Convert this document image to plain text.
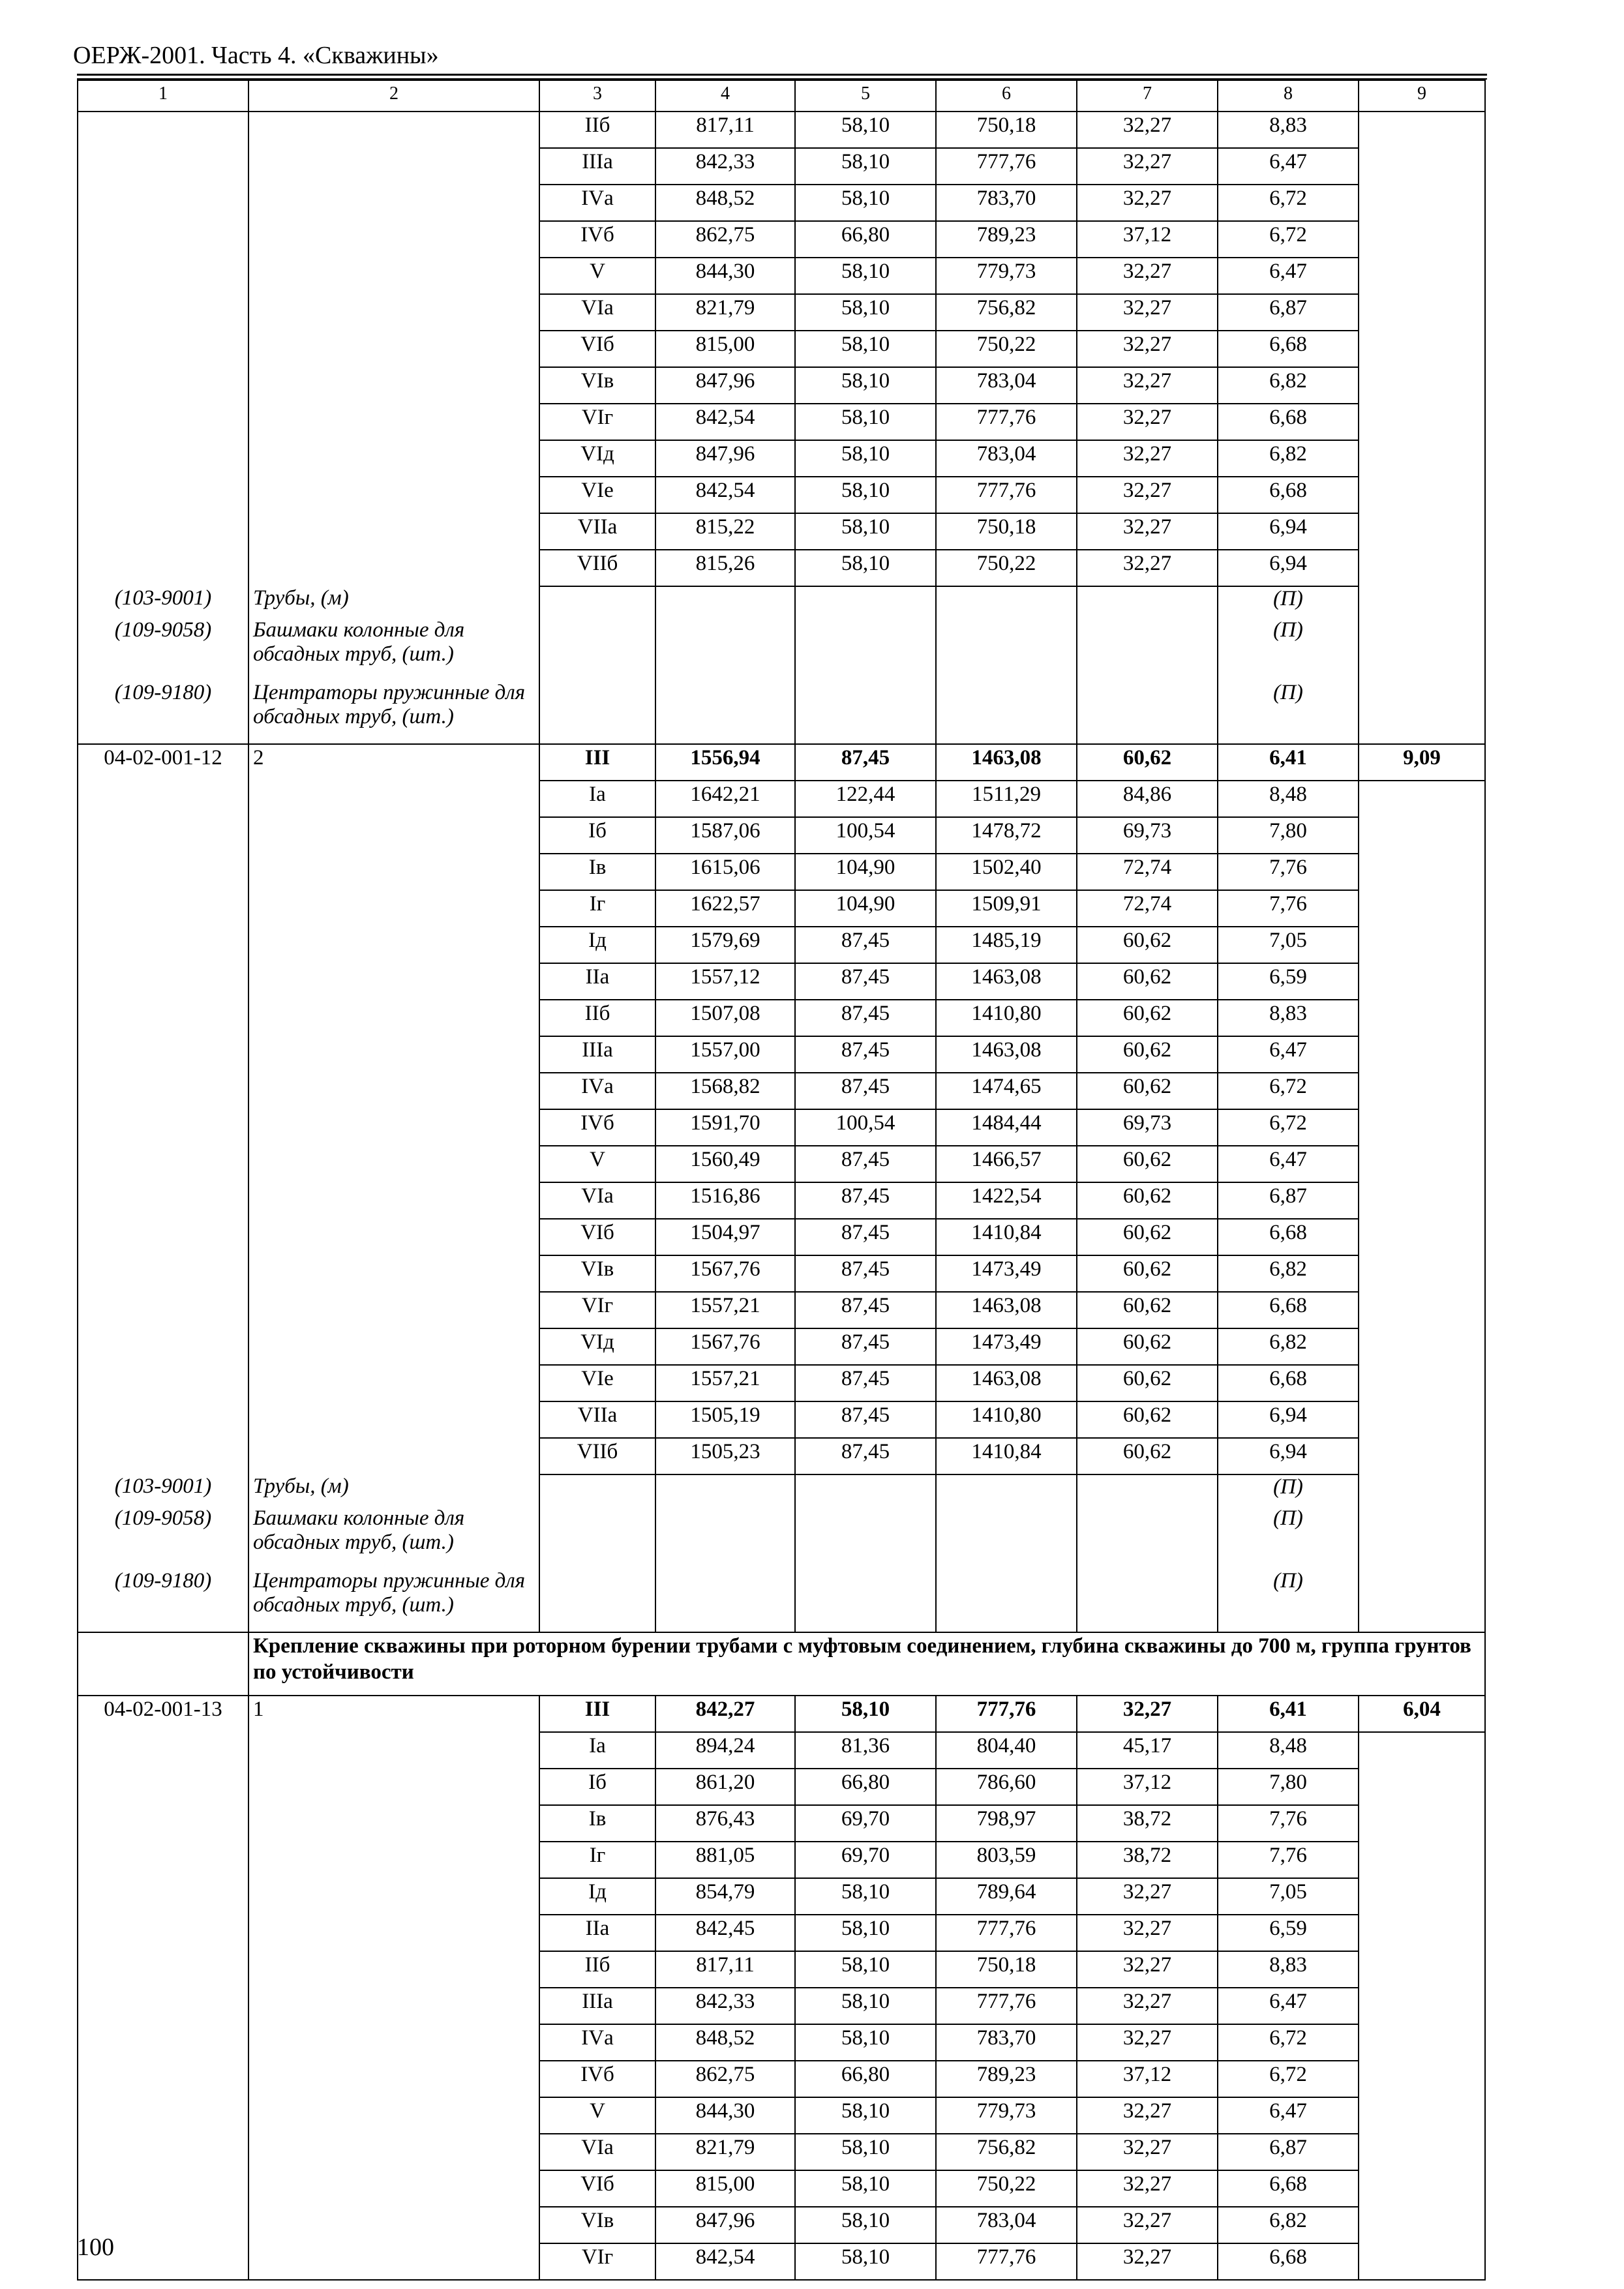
ОЕРЖ-2001. Часть 4. «Скважины»
1	2	3	4	5	6	7	8	9
		IIб	817,11	58,10	750,18	32,27	8,83	
		IIIа	842,33	58,10	777,76	32,27	6,47	
		IVа	848,52	58,10	783,70	32,27	6,72	
		IVб	862,75	66,80	789,23	37,12	6,72	
		V	844,30	58,10	779,73	32,27	6,47	
		VIа	821,79	58,10	756,82	32,27	6,87	
		VIб	815,00	58,10	750,22	32,27	6,68	
		VIв	847,96	58,10	783,04	32,27	6,82	
		VIг	842,54	58,10	777,76	32,27	6,68	
		VIд	847,96	58,10	783,04	32,27	6,82	
		VIе	842,54	58,10	777,76	32,27	6,68	
		VIIа	815,22	58,10	750,18	32,27	6,94	
		VIIб	815,26	58,10	750,22	32,27	6,94	
(103-9001)	Трубы, (м)						(П)	
(109-9058)	Башмаки колонные для обсадных труб, (шт.)						(П)	
(109-9180)	Центраторы пружинные для обсадных труб, (шт.)						(П)	
04-02-001-12	2	III	1556,94	87,45	1463,08	60,62	6,41	9,09
		Iа	1642,21	122,44	1511,29	84,86	8,48	
		Iб	1587,06	100,54	1478,72	69,73	7,80	
		Iв	1615,06	104,90	1502,40	72,74	7,76	
		Iг	1622,57	104,90	1509,91	72,74	7,76	
		Iд	1579,69	87,45	1485,19	60,62	7,05	
		IIа	1557,12	87,45	1463,08	60,62	6,59	
		IIб	1507,08	87,45	1410,80	60,62	8,83	
		IIIа	1557,00	87,45	1463,08	60,62	6,47	
		IVа	1568,82	87,45	1474,65	60,62	6,72	
		IVб	1591,70	100,54	1484,44	69,73	6,72	
		V	1560,49	87,45	1466,57	60,62	6,47	
		VIа	1516,86	87,45	1422,54	60,62	6,87	
		VIб	1504,97	87,45	1410,84	60,62	6,68	
		VIв	1567,76	87,45	1473,49	60,62	6,82	
		VIг	1557,21	87,45	1463,08	60,62	6,68	
		VIд	1567,76	87,45	1473,49	60,62	6,82	
		VIе	1557,21	87,45	1463,08	60,62	6,68	
		VIIа	1505,19	87,45	1410,80	60,62	6,94	
		VIIб	1505,23	87,45	1410,84	60,62	6,94	
(103-9001)	Трубы, (м)						(П)	
(109-9058)	Башмаки колонные для обсадных труб, (шт.)						(П)	
(109-9180)	Центраторы пружинные для обсадных труб, (шт.)						(П)	
	Крепление скважины при роторном бурении трубами с муфтовым соединением, глубина скважины до 700 м, группа грунтов по устойчивости							
04-02-001-13	1	III	842,27	58,10	777,76	32,27	6,41	6,04
		Iа	894,24	81,36	804,40	45,17	8,48	
		Iб	861,20	66,80	786,60	37,12	7,80	
		Iв	876,43	69,70	798,97	38,72	7,76	
		Iг	881,05	69,70	803,59	38,72	7,76	
		Iд	854,79	58,10	789,64	32,27	7,05	
		IIа	842,45	58,10	777,76	32,27	6,59	
		IIб	817,11	58,10	750,18	32,27	8,83	
		IIIа	842,33	58,10	777,76	32,27	6,47	
		IVа	848,52	58,10	783,70	32,27	6,72	
		IVб	862,75	66,80	789,23	37,12	6,72	
		V	844,30	58,10	779,73	32,27	6,47	
		VIа	821,79	58,10	756,82	32,27	6,87	
		VIб	815,00	58,10	750,22	32,27	6,68	
		VIв	847,96	58,10	783,04	32,27	6,82	
		VIг	842,54	58,10	777,76	32,27	6,68	
100
